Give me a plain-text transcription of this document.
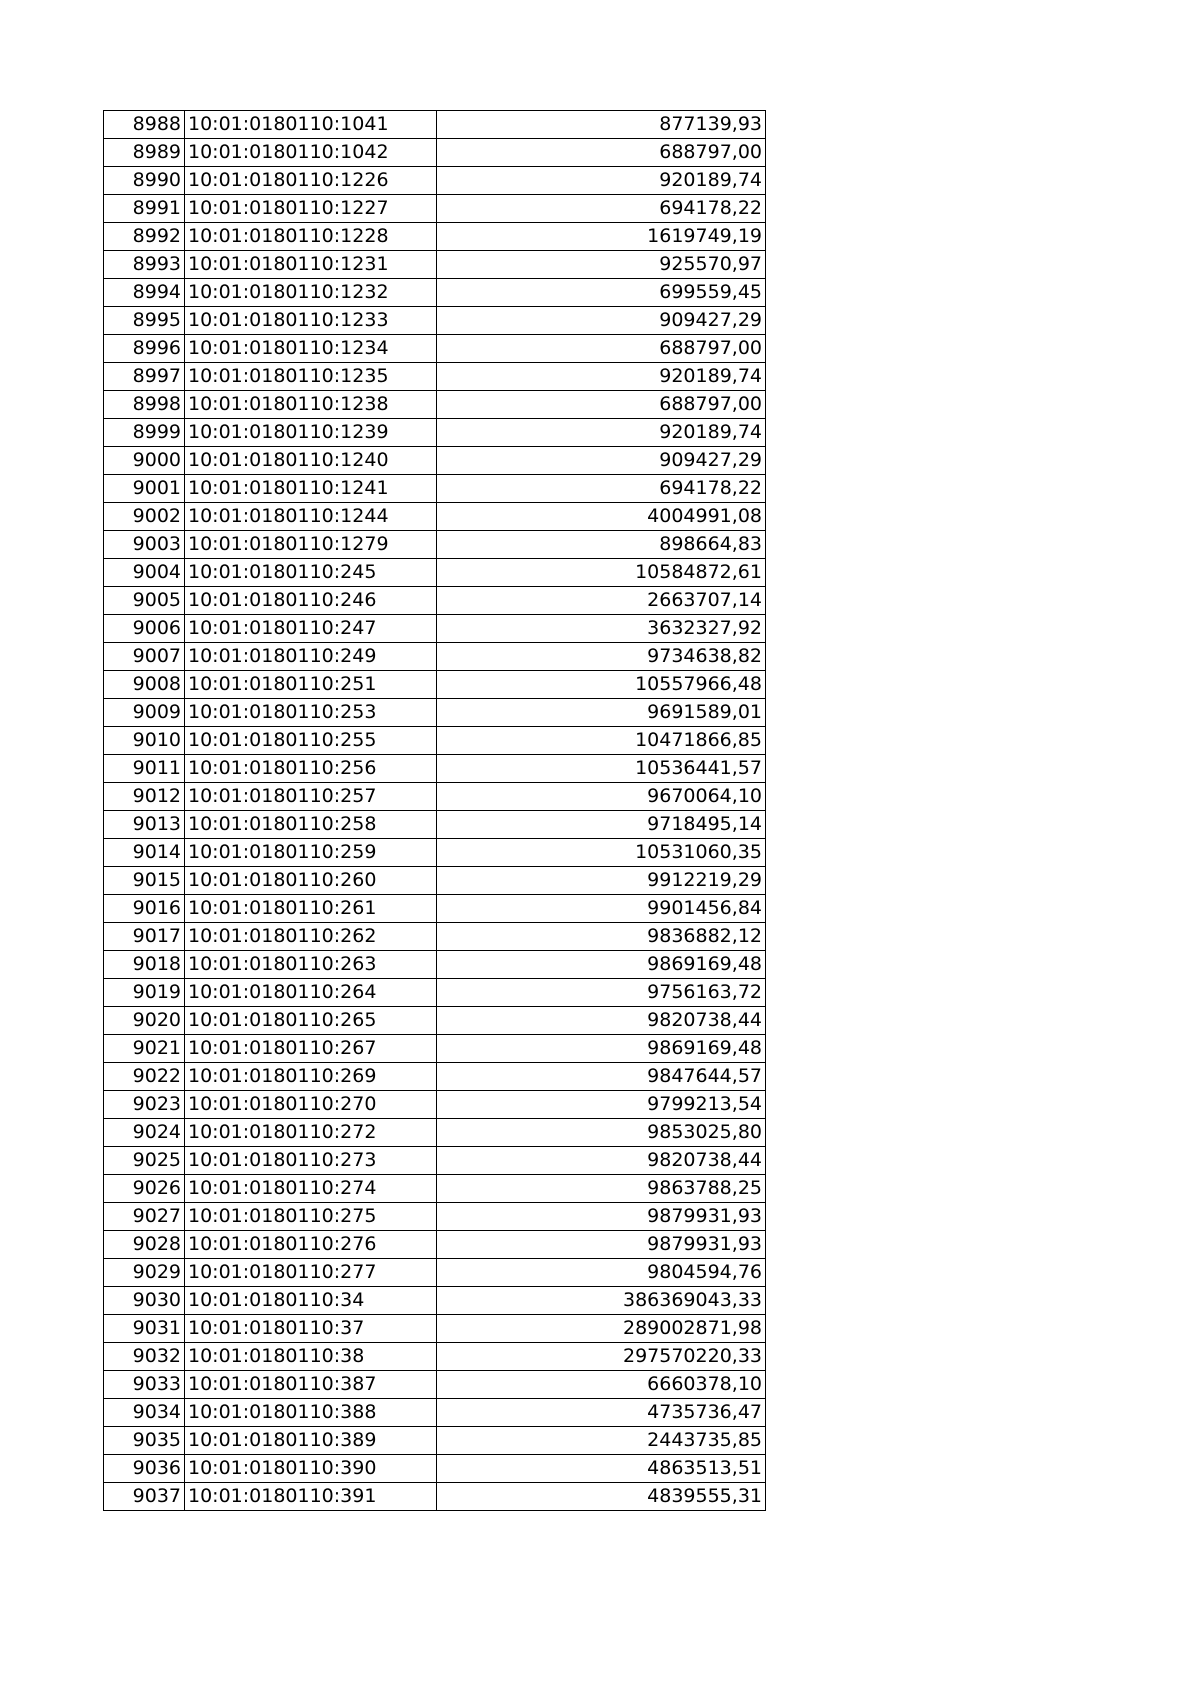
8988	10:01:0180110:1041	877139,93
8989	10:01:0180110:1042	688797,00
8990	10:01:0180110:1226	920189,74
8991	10:01:0180110:1227	694178,22
8992	10:01:0180110:1228	1619749,19
8993	10:01:0180110:1231	925570,97
8994	10:01:0180110:1232	699559,45
8995	10:01:0180110:1233	909427,29
8996	10:01:0180110:1234	688797,00
8997	10:01:0180110:1235	920189,74
8998	10:01:0180110:1238	688797,00
8999	10:01:0180110:1239	920189,74
9000	10:01:0180110:1240	909427,29
9001	10:01:0180110:1241	694178,22
9002	10:01:0180110:1244	4004991,08
9003	10:01:0180110:1279	898664,83
9004	10:01:0180110:245	10584872,61
9005	10:01:0180110:246	2663707,14
9006	10:01:0180110:247	3632327,92
9007	10:01:0180110:249	9734638,82
9008	10:01:0180110:251	10557966,48
9009	10:01:0180110:253	9691589,01
9010	10:01:0180110:255	10471866,85
9011	10:01:0180110:256	10536441,57
9012	10:01:0180110:257	9670064,10
9013	10:01:0180110:258	9718495,14
9014	10:01:0180110:259	10531060,35
9015	10:01:0180110:260	9912219,29
9016	10:01:0180110:261	9901456,84
9017	10:01:0180110:262	9836882,12
9018	10:01:0180110:263	9869169,48
9019	10:01:0180110:264	9756163,72
9020	10:01:0180110:265	9820738,44
9021	10:01:0180110:267	9869169,48
9022	10:01:0180110:269	9847644,57
9023	10:01:0180110:270	9799213,54
9024	10:01:0180110:272	9853025,80
9025	10:01:0180110:273	9820738,44
9026	10:01:0180110:274	9863788,25
9027	10:01:0180110:275	9879931,93
9028	10:01:0180110:276	9879931,93
9029	10:01:0180110:277	9804594,76
9030	10:01:0180110:34	386369043,33
9031	10:01:0180110:37	289002871,98
9032	10:01:0180110:38	297570220,33
9033	10:01:0180110:387	6660378,10
9034	10:01:0180110:388	4735736,47
9035	10:01:0180110:389	2443735,85
9036	10:01:0180110:390	4863513,51
9037	10:01:0180110:391	4839555,31
